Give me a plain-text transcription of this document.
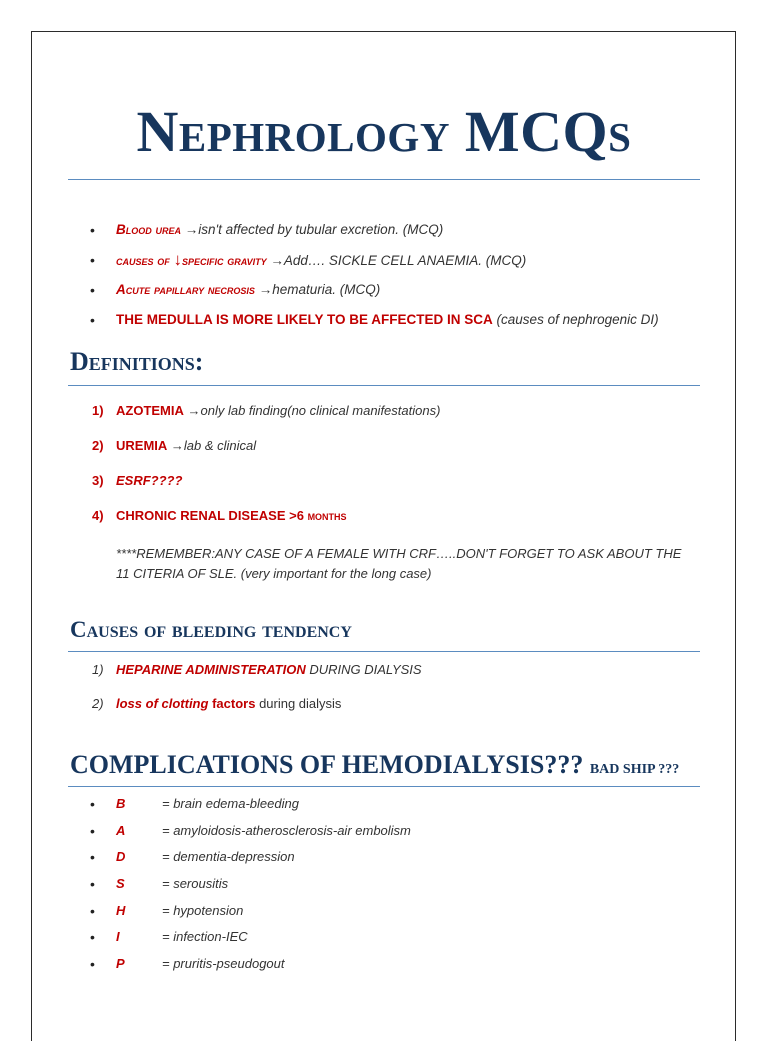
Nephrology MCQs
• Blood urea →isn't affected by tubular excretion. (MCQ)
• causes of ↓specific gravity →Add…. SICKLE CELL ANAEMIA. (MCQ)
• Acute papillary necrosis →hematuria. (MCQ)
• THE MEDULLA IS MORE LIKELY TO BE AFFECTED IN SCA (causes of nephrogenic DI)
Definitions:
1) AZOTEMIA →only lab finding(no clinical manifestations)
2) UREMIA →lab & clinical
3) ESRF????
4) CHRONIC RENAL DISEASE >6 months
****REMEMBER:ANY CASE OF A FEMALE WITH CRF…..DON'T FORGET TO ASK ABOUT THE 11 CITERIA OF SLE. (very important for the long case)
Causes of bleeding tendency
1) HEPARINE ADMINISTERATION DURING DIALYSIS
2) loss of clotting factors during dialysis
COMPLICATIONS OF HEMODIALYSIS??? BAD SHIP ???
• B	= brain edema-bleeding
• A	= amyloidosis-atherosclerosis-air embolism
• D	= dementia-depression
• S	= serousitis
• H	= hypotension
• I	= infection-IEC
• P	= pruritis-pseudogout
